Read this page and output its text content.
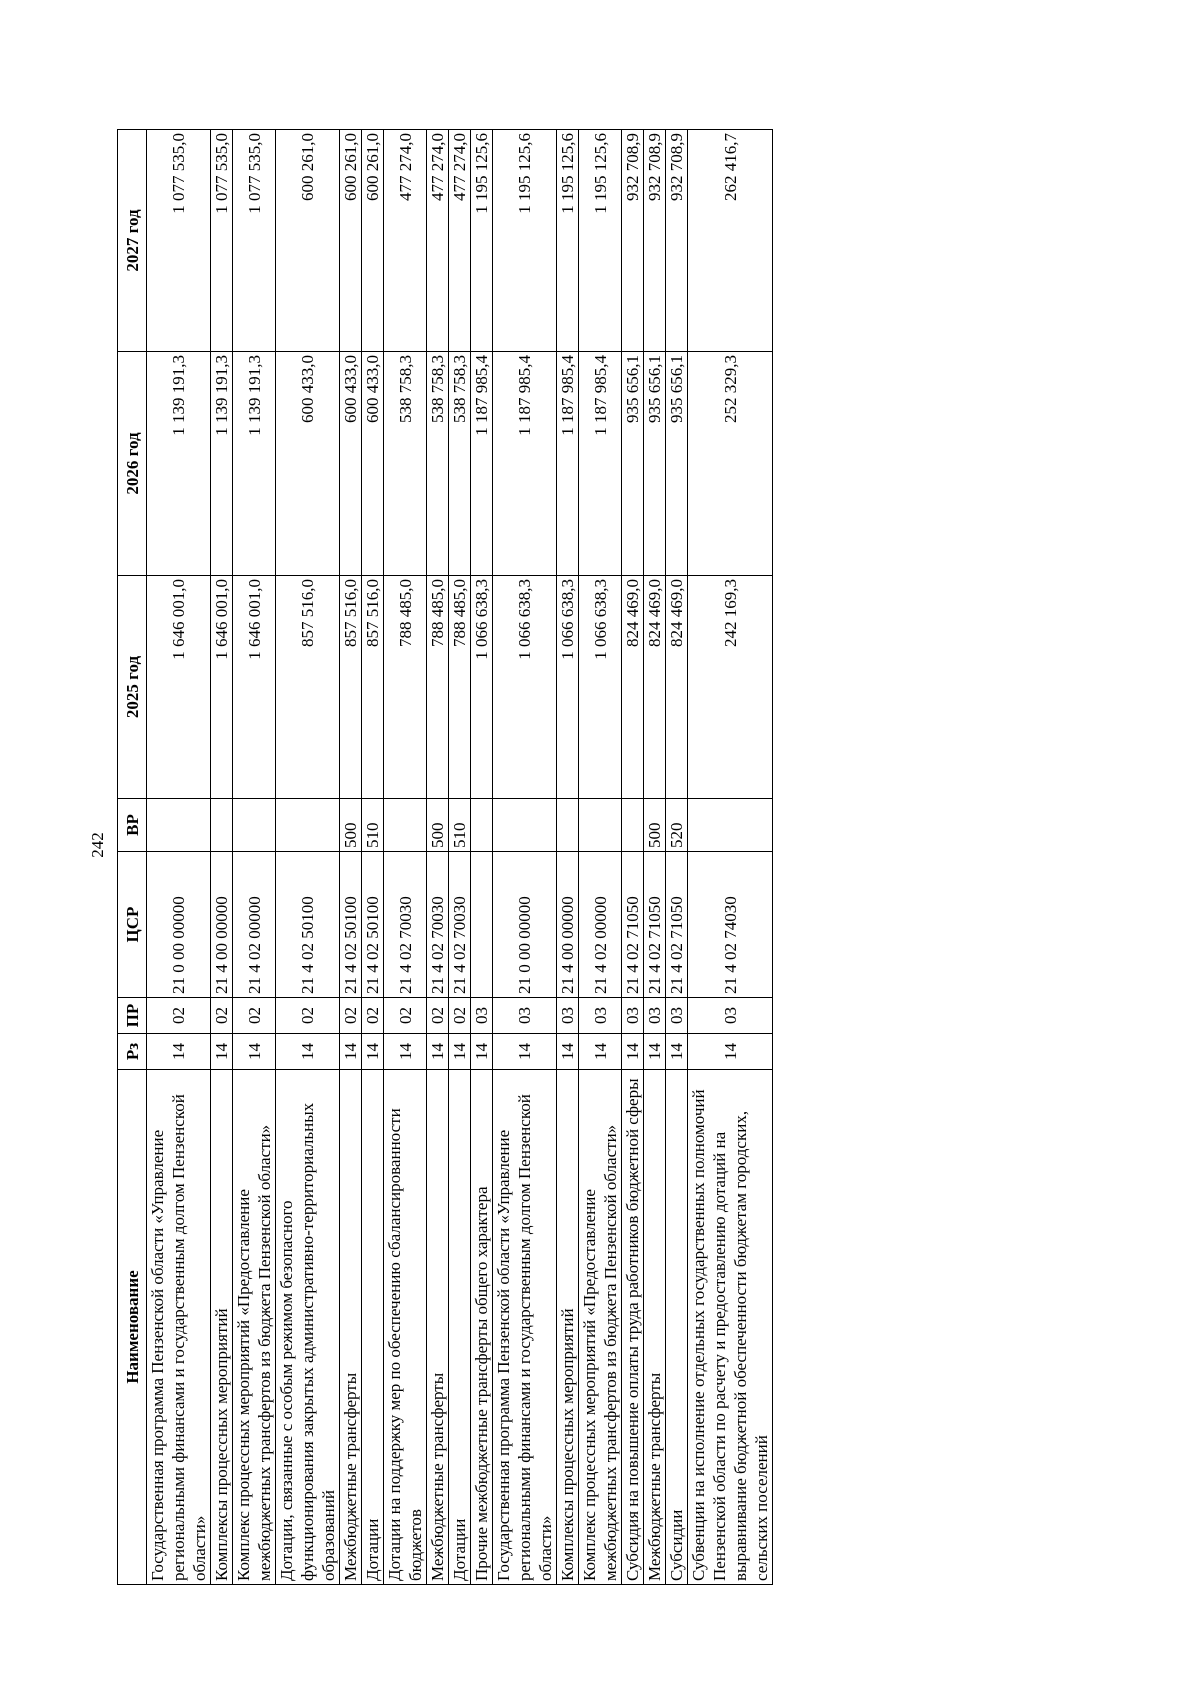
242
Наименование	Рз	ПР	ЦСР	ВР	2025 год	2026 год	2027 год
Государственная программа Пензенской области «Управление региональными финансами и государственным долгом Пензенской области»	14	02	21 0 00 00000		1 646 001,0	1 139 191,3	1 077 535,0
Комплексы процессных мероприятий	14	02	21 4 00 00000		1 646 001,0	1 139 191,3	1 077 535,0
Комплекс процессных мероприятий «Предоставление межбюджетных трансфертов из бюджета Пензенской области»	14	02	21 4 02 00000		1 646 001,0	1 139 191,3	1 077 535,0
Дотации, связанные с особым режимом безопасного функционирования закрытых административно-территориальных образований	14	02	21 4 02 50100		857 516,0	600 433,0	600 261,0
Межбюджетные трансферты	14	02	21 4 02 50100	500	857 516,0	600 433,0	600 261,0
Дотации	14	02	21 4 02 50100	510	857 516,0	600 433,0	600 261,0
Дотации на поддержку мер по обеспечению сбалансированности бюджетов	14	02	21 4 02 70030		788 485,0	538 758,3	477 274,0
Межбюджетные трансферты	14	02	21 4 02 70030	500	788 485,0	538 758,3	477 274,0
Дотации	14	02	21 4 02 70030	510	788 485,0	538 758,3	477 274,0
Прочие межбюджетные трансферты общего характера	14	03			1 066 638,3	1 187 985,4	1 195 125,6
Государственная программа Пензенской области «Управление региональными финансами и государственным долгом Пензенской области»	14	03	21 0 00 00000		1 066 638,3	1 187 985,4	1 195 125,6
Комплексы процессных мероприятий	14	03	21 4 00 00000		1 066 638,3	1 187 985,4	1 195 125,6
Комплекс процессных мероприятий «Предоставление межбюджетных трансфертов из бюджета Пензенской области»	14	03	21 4 02 00000		1 066 638,3	1 187 985,4	1 195 125,6
Субсидия на повышение оплаты труда работников бюджетной сферы	14	03	21 4 02 71050		824 469,0	935 656,1	932 708,9
Межбюджетные трансферты	14	03	21 4 02 71050	500	824 469,0	935 656,1	932 708,9
Субсидии	14	03	21 4 02 71050	520	824 469,0	935 656,1	932 708,9
Субвенции на исполнение отдельных государственных полномочий Пензенской области по расчету и предоставлению дотаций на выравнивание бюджетной обеспеченности бюджетам городских, сельских поселений	14	03	21 4 02 74030		242 169,3	252 329,3	262 416,7
